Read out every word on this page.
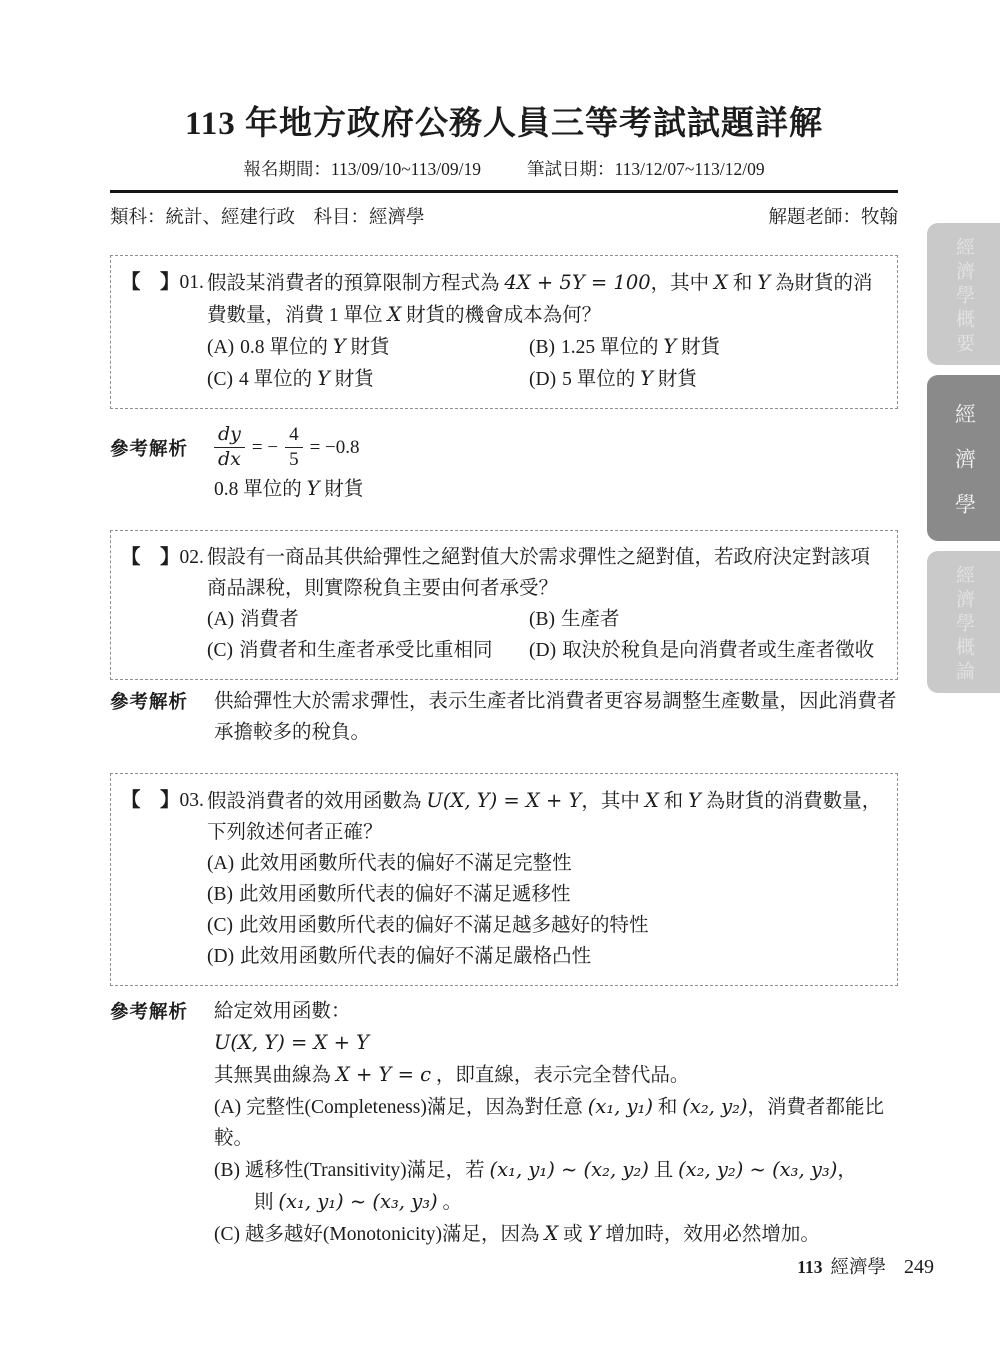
113 年地方政府公務人員三等考試試題詳解
報名期間：113/09/10~113/09/19	筆試日期：113/12/07~113/12/09
類科：統計、經建行政　科目：經濟學	解題老師：牧翰
【　】01. 假設某消費者的預算限制方程式為 4X + 5Y = 100，其中 X 和 Y 為財貨的消費數量，消費 1 單位 X 財貨的機會成本為何？
(A) 0.8 單位的 Y 財貨	(B) 1.25 單位的 Y 財貨
(C) 4 單位的 Y 財貨	(D) 5 單位的 Y 財貨
參考解析	$\frac{dy}{dx}$ = − $\frac{4}{5} = -0.8$
0.8 單位的 Y 財貨
【　】02. 假設有一商品其供給彈性之絕對值大於需求彈性之絕對值，若政府決定對該項商品課稅，則實際稅負主要由何者承受？
(A) 消費者	(B) 生產者
(C) 消費者和生產者承受比重相同	(D) 取決於稅負是向消費者或生產者徵收
參考解析	供給彈性大於需求彈性，表示生產者比消費者更容易調整生產數量，因此消費者承擔較多的稅負。
【　】03. 假設消費者的效用函數為 U(X, Y) = X + Y，其中 X 和 Y 為財貨的消費數量，下列敘述何者正確？
(A) 此效用函數所代表的偏好不滿足完整性
(B) 此效用函數所代表的偏好不滿足遞移性
(C) 此效用函數所代表的偏好不滿足越多越好的特性
(D) 此效用函數所代表的偏好不滿足嚴格凸性
參考解析	給定效用函數：
U(X, Y) = X + Y
其無異曲線為 X + Y = c ，即直線，表示完全替代品。
(A) 完整性(Completeness)滿足，因為對任意 (x₁, y₁) 和 (x₂, y₂)，消費者都能比較。
(B) 遞移性(Transitivity)滿足，若 (x₁, y₁) ~ (x₂, y₂) 且 (x₂, y₂) ~ (x₃, y₃)，
則 (x₁, y₁) ~ (x₃, y₃) 。
(C) 越多越好(Monotonicity)滿足，因為 X 或 Y 增加時，效用必然增加。
經濟學概要
經濟學
經濟學概論
113 經濟學 249
